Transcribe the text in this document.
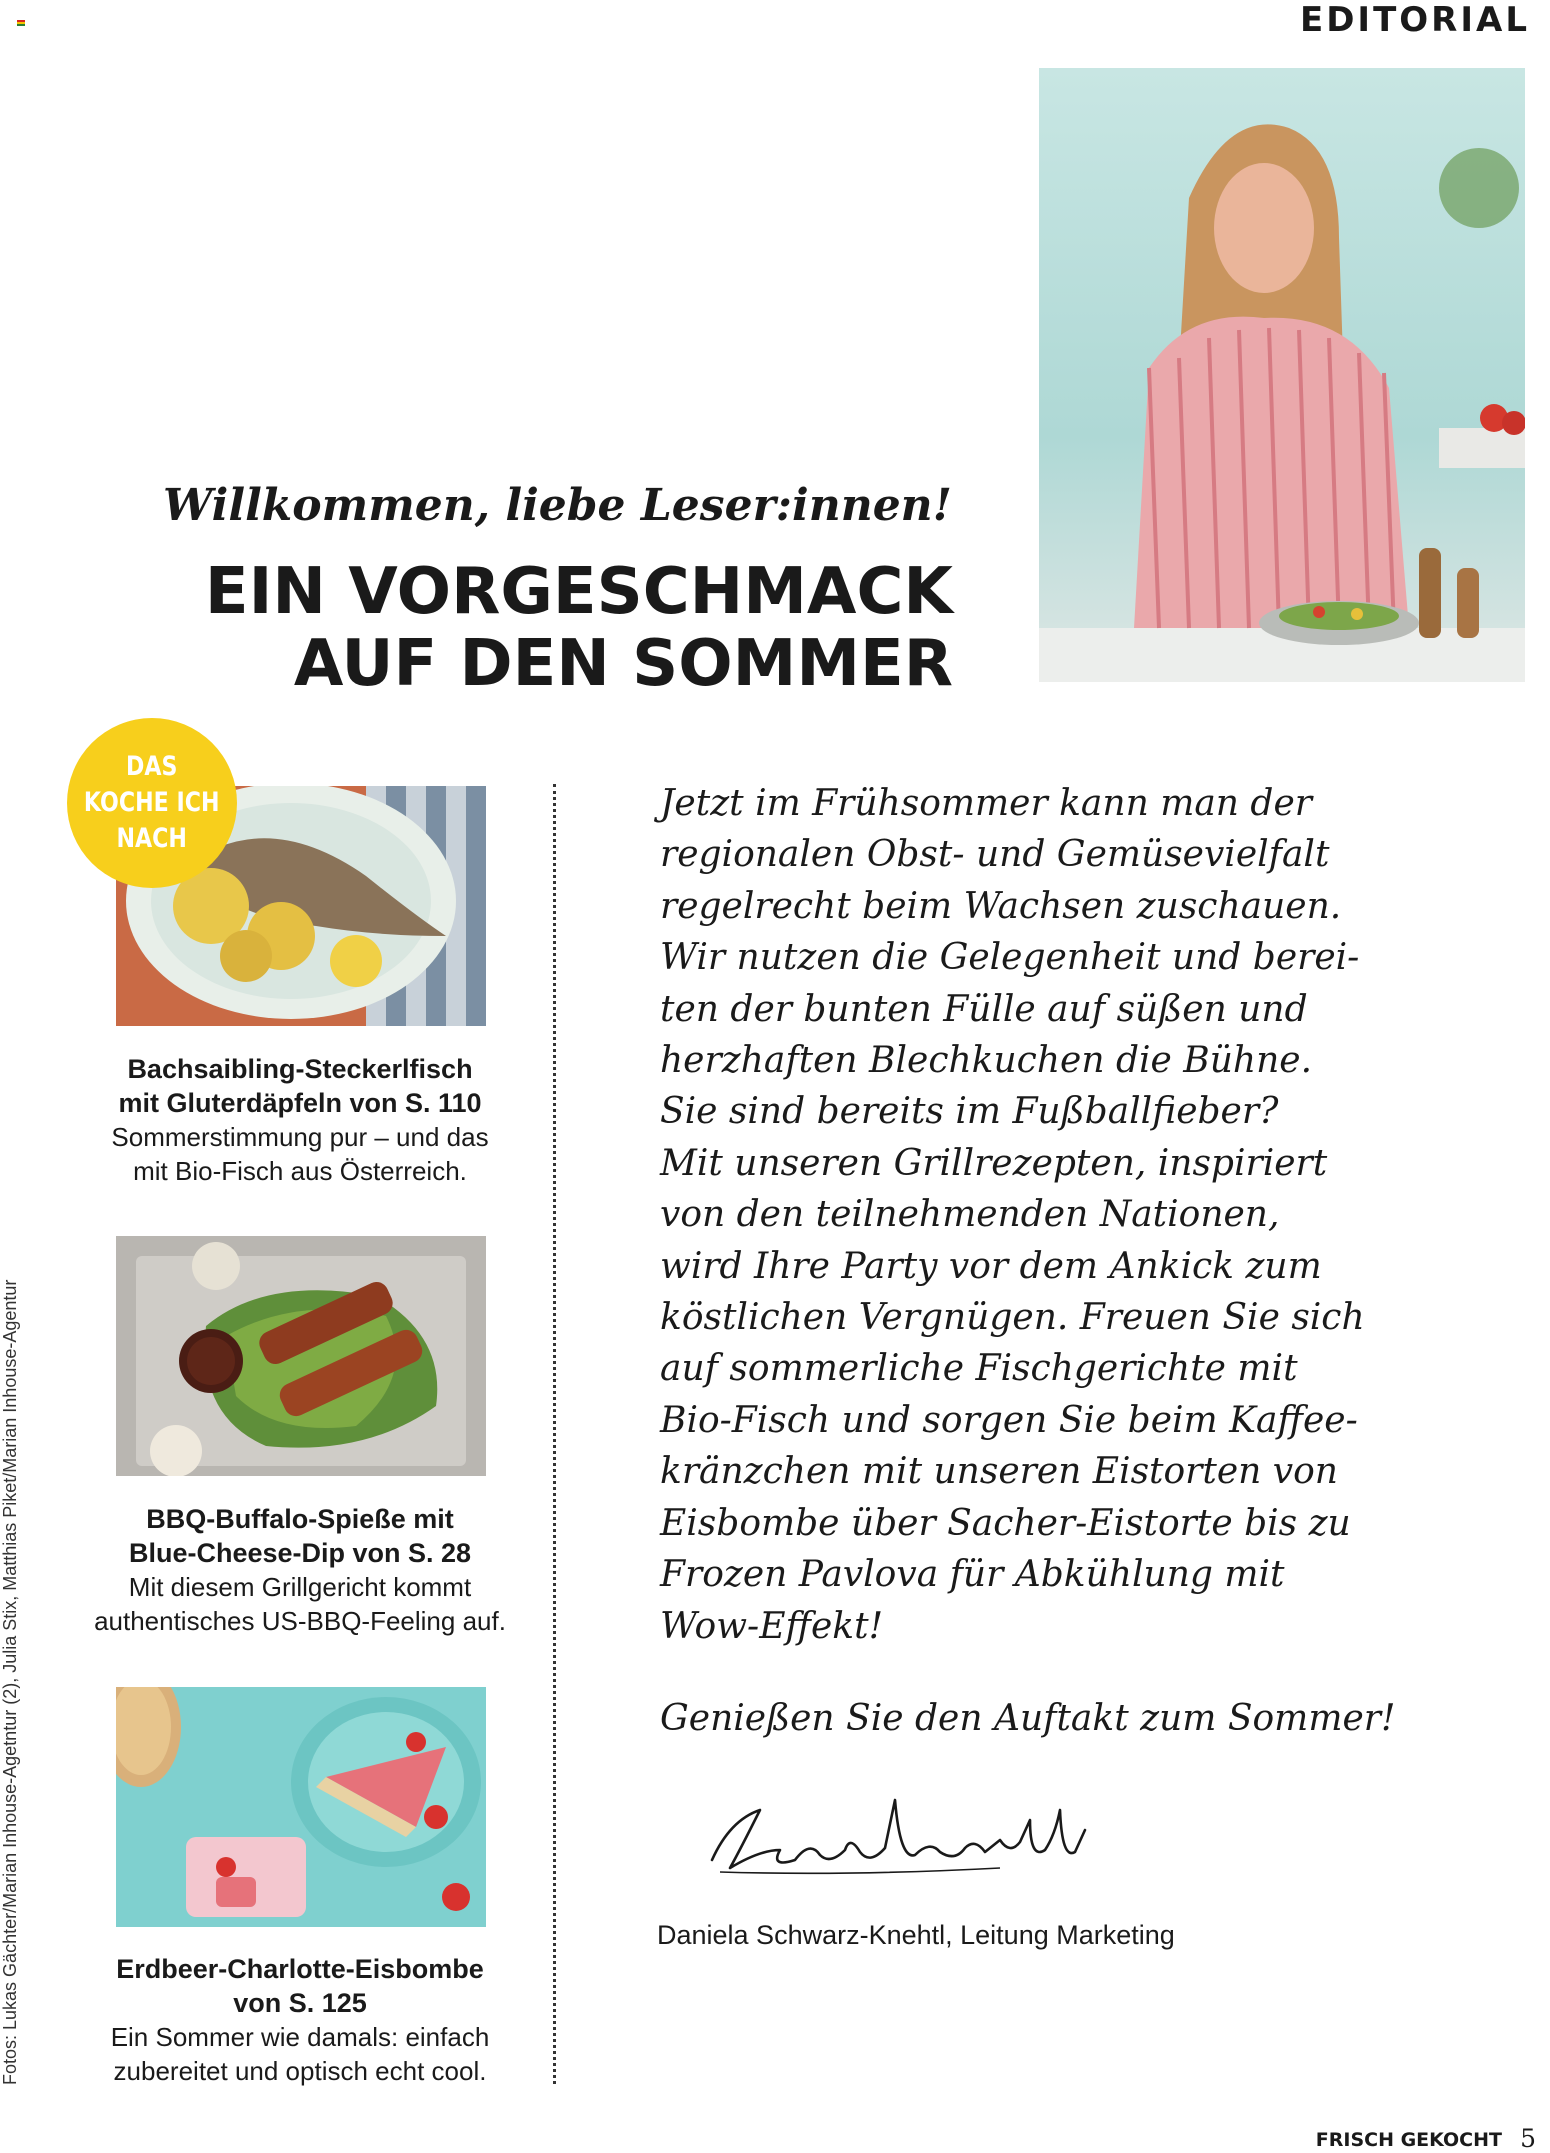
EDITORIAL
Willkommen, liebe Leser:innen!
EIN VORGESCHMACK
AUF DEN SOMMER
DAS
KOCHE ICH
NACH
Bachsaibling-Steckerlfisch
mit Gluterdäpfeln von S. 110
Sommerstimmung pur – und das
mit Bio-Fisch aus Österreich.
BBQ-Buffalo-Spieße mit
Blue-Cheese-Dip von S. 28
Mit diesem Grillgericht kommt
authentisches US-BBQ-Feeling auf.
Erdbeer-Charlotte-Eisbombe
von S. 125
Ein Sommer wie damals: einfach
zubereitet und optisch echt cool.
Jetzt im Frühsommer kann man der
regionalen Obst- und Gemüsevielfalt
regelrecht beim Wachsen zuschauen.
Wir nutzen die Gelegenheit und berei-
ten der bunten Fülle auf süßen und
herzhaften Blechkuchen die Bühne.
Sie sind bereits im Fußballfieber?
Mit unseren Grillrezepten, inspiriert
von den teilnehmenden Nationen,
wird Ihre Party vor dem Ankick zum
köstlichen Vergnügen. Freuen Sie sich
auf sommerliche Fischgerichte mit
Bio-Fisch und sorgen Sie beim Kaffee-
kränzchen mit unseren Eistorten von
Eisbombe über Sacher-Eistorte bis zu
Frozen Pavlova für Abkühlung mit
Wow-Effekt!
Genießen Sie den Auftakt zum Sommer!
Daniela Schwarz-Knehtl, Leitung Marketing
Fotos: Lukas Gächter/Marian Inhouse-Agetntur (2), Julia Stix, Matthias Piket/Marian Inhouse-Agentur
FRISCH GEKOCHT 5
